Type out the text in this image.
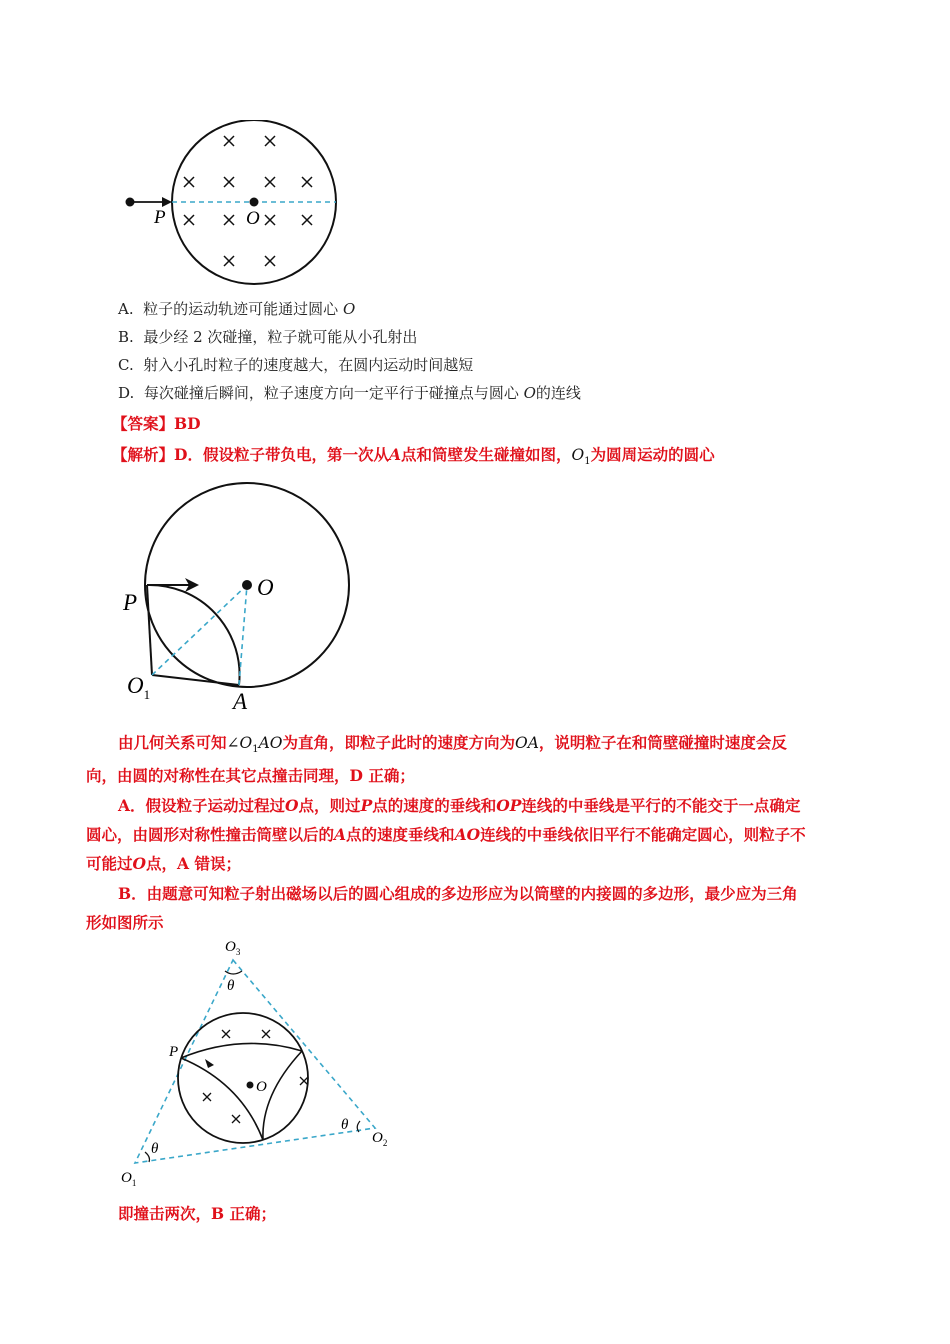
P	O
A. 粒子的运动轨迹可能通过圆心 O
B. 最少经 2 次碰撞，粒子就可能从小孔射出
C. 射入小孔时粒子的速度越大，在圆内运动时间越短
D. 每次碰撞后瞬间，粒子速度方向一定平行于碰撞点与圆心 O的连线
【答案】BD
【解析】D．假设粒子带负电，第一次从A点和筒壁发生碰撞如图，$O_1$为圆周运动的圆心
P
O
$O_1$	A
由几何关系可知$\angle O_1AO$为直角，即粒子此时的速度方向为OA，说明粒子在和筒壁碰撞时速度会反
向，由圆的对称性在其它点撞击同理，D 正确；
A．假设粒子运动过程过O点，则过P点的速度的垂线和OP连线的中垂线是平行的不能交于一点确定
圆心，由圆形对称性撞击筒壁以后的A点的速度垂线和AO连线的中垂线依旧平行不能确定圆心，则粒子不
可能过O点，A 错误；
B．由题意可知粒子射出磁场以后的圆心组成的多边形应为以筒壁的内接圆的多边形，最少应为三角
形如图所示
$O_3$
θ
P
O
θ
$O_2$
θ
$O_1$
即撞击两次，B 正确；
